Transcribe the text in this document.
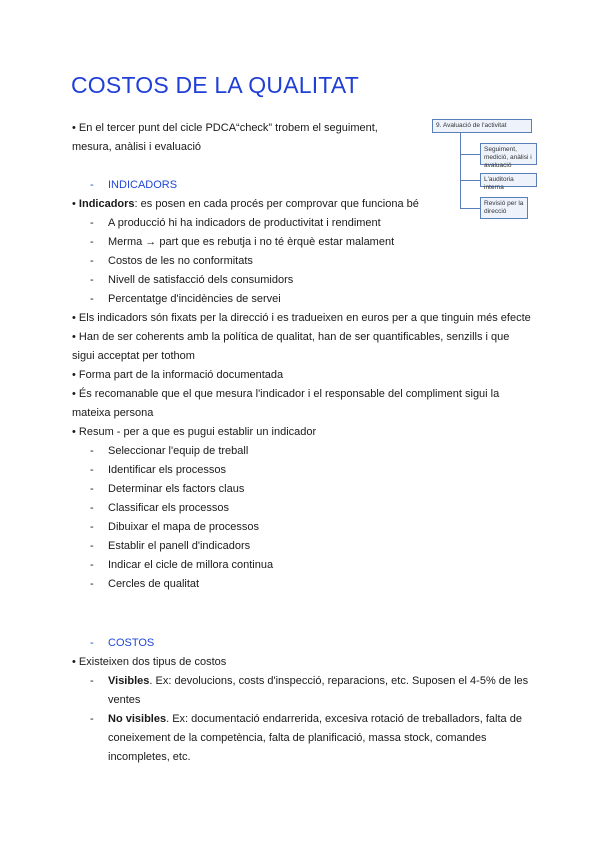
COSTOS DE LA QUALITAT
• En el tercer punt del cicle PDCA“check” trobem el seguiment,
mesura, anàlisi i evaluació
9. Avaluació de l'activitat
Seguiment, medició, anàlisi i avaluació
L'auditoria interna
Revisió per la direcció
- INDICADORS
• Indicadors: es posen en cada procés per comprovar que funciona bé
- A producció hi ha indicadors de productivitat i rendiment
- Merma → part que es rebutja i no té èrquè estar malament
- Costos de les no conformitats
- Nivell de satisfacció dels consumidors
- Percentatge d'incidències de servei
• Els indicadors són fixats per la direcció i es tradueixen en euros per a que tinguin més efecte
• Han de ser coherents amb la política de qualitat, han de ser quantificables, senzills i que sigui acceptat per tothom
• Forma part de la informació documentada
• És recomanable que el que mesura l'indicador i el responsable del compliment sigui la mateixa persona
• Resum - per a que es pugui establir un indicador
- Seleccionar l'equip de treball
- Identificar els processos
- Determinar els factors claus
- Classificar els processos
- Dibuixar el mapa de processos
- Establir el panell d'indicadors
- Indicar el cicle de millora continua
- Cercles de qualitat
- COSTOS
• Existeixen dos tipus de costos
- Visibles. Ex: devolucions, costs d'inspecció, reparacions, etc. Suposen el 4-5% de les ventes
- No visibles. Ex: documentació endarrerida, excesiva rotació de treballadors, falta de coneixement de la competència, falta de planificació, massa stock, comandes incompletes, etc.
